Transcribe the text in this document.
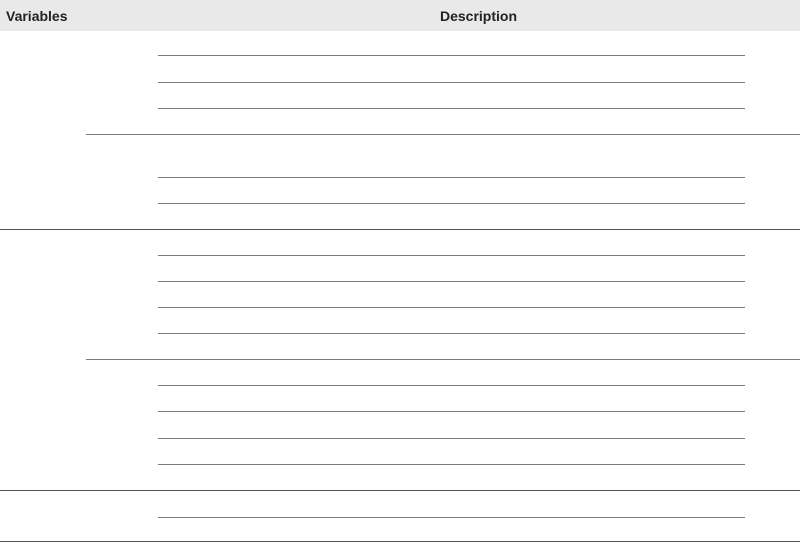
Variables	Description
